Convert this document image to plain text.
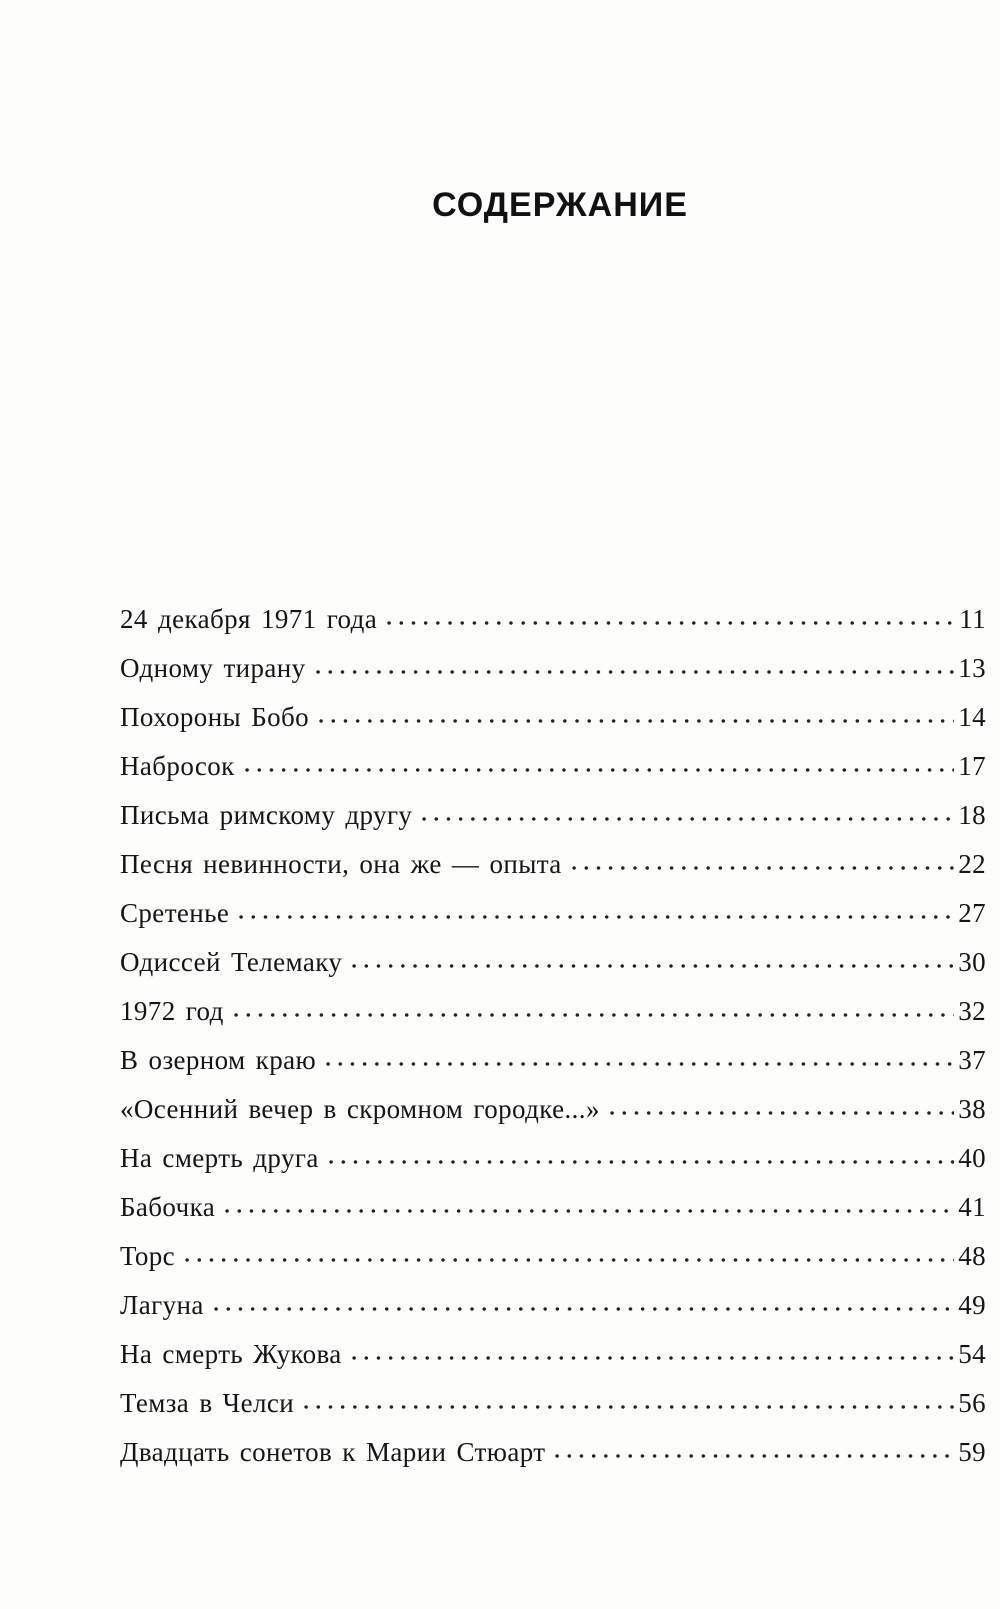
СОДЕРЖАНИЕ
24 декабря 1971 года	11
Одному тирану	13
Похороны Бобо	14
Набросок	17
Письма римскому другу	18
Песня невинности, она же — опыта	22
Сретенье	27
Одиссей Телемаку	30
1972 год	32
В озерном краю	37
«Осенний вечер в скромном городке...»	38
На смерть друга	40
Бабочка	41
Торс	48
Лагуна	49
На смерть Жукова	54
Темза в Челси	56
Двадцать сонетов к Марии Стюарт	59
